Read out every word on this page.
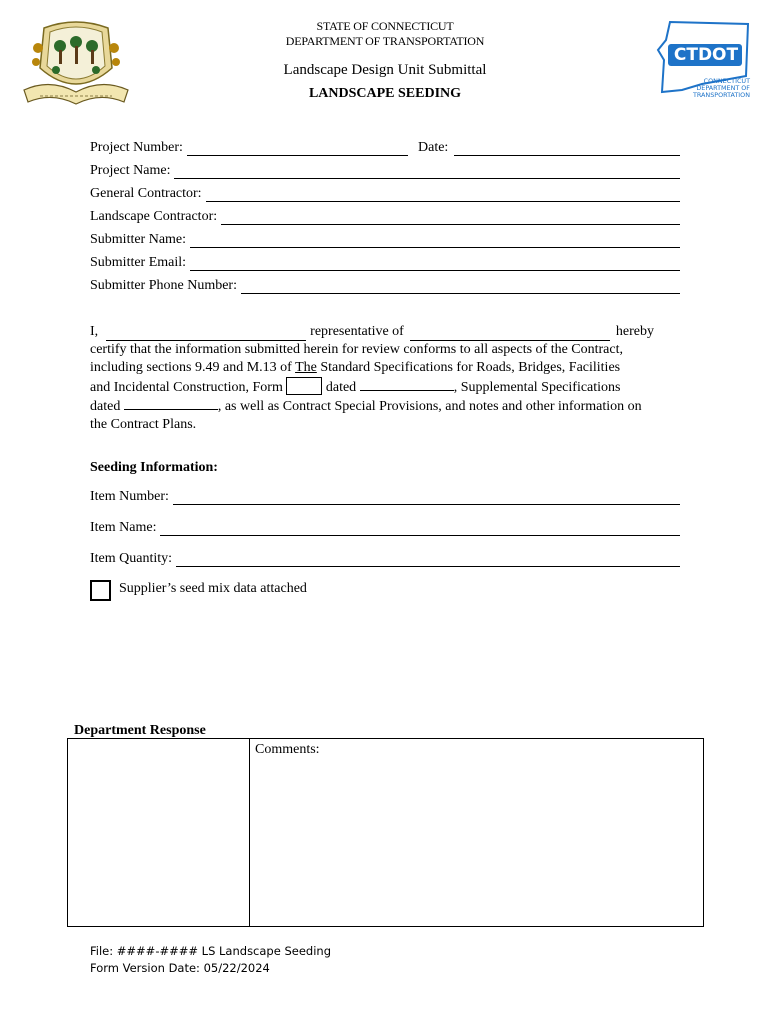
STATE OF CONNECTICUT
DEPARTMENT OF TRANSPORTATION
Landscape Design Unit Submittal
LANDSCAPE SEEDING
CTDOT
CONNECTICUT DEPARTMENT OF TRANSPORTATION
Project Number:	Date:
Project Name:
General Contractor:
Landscape Contractor:
Submitter Name:
Submitter Email:
Submitter Phone Number:
I,	representative of	hereby
certify that the information submitted herein for review conforms to all aspects of the Contract,
including sections 9.49 and M.13 of The Standard Specifications for Roads, Bridges, Facilities
and Incidental Construction, Form	dated	, Supplemental Specifications
dated	, as well as Contract Special Provisions, and notes and other information on
the Contract Plans.
Seeding Information:
Item Number:
Item Name:
Item Quantity:
Supplier’s seed mix data attached
Department Response
Comments:
File: ####-#### LS Landscape Seeding
Form Version Date: 05/22/2024
